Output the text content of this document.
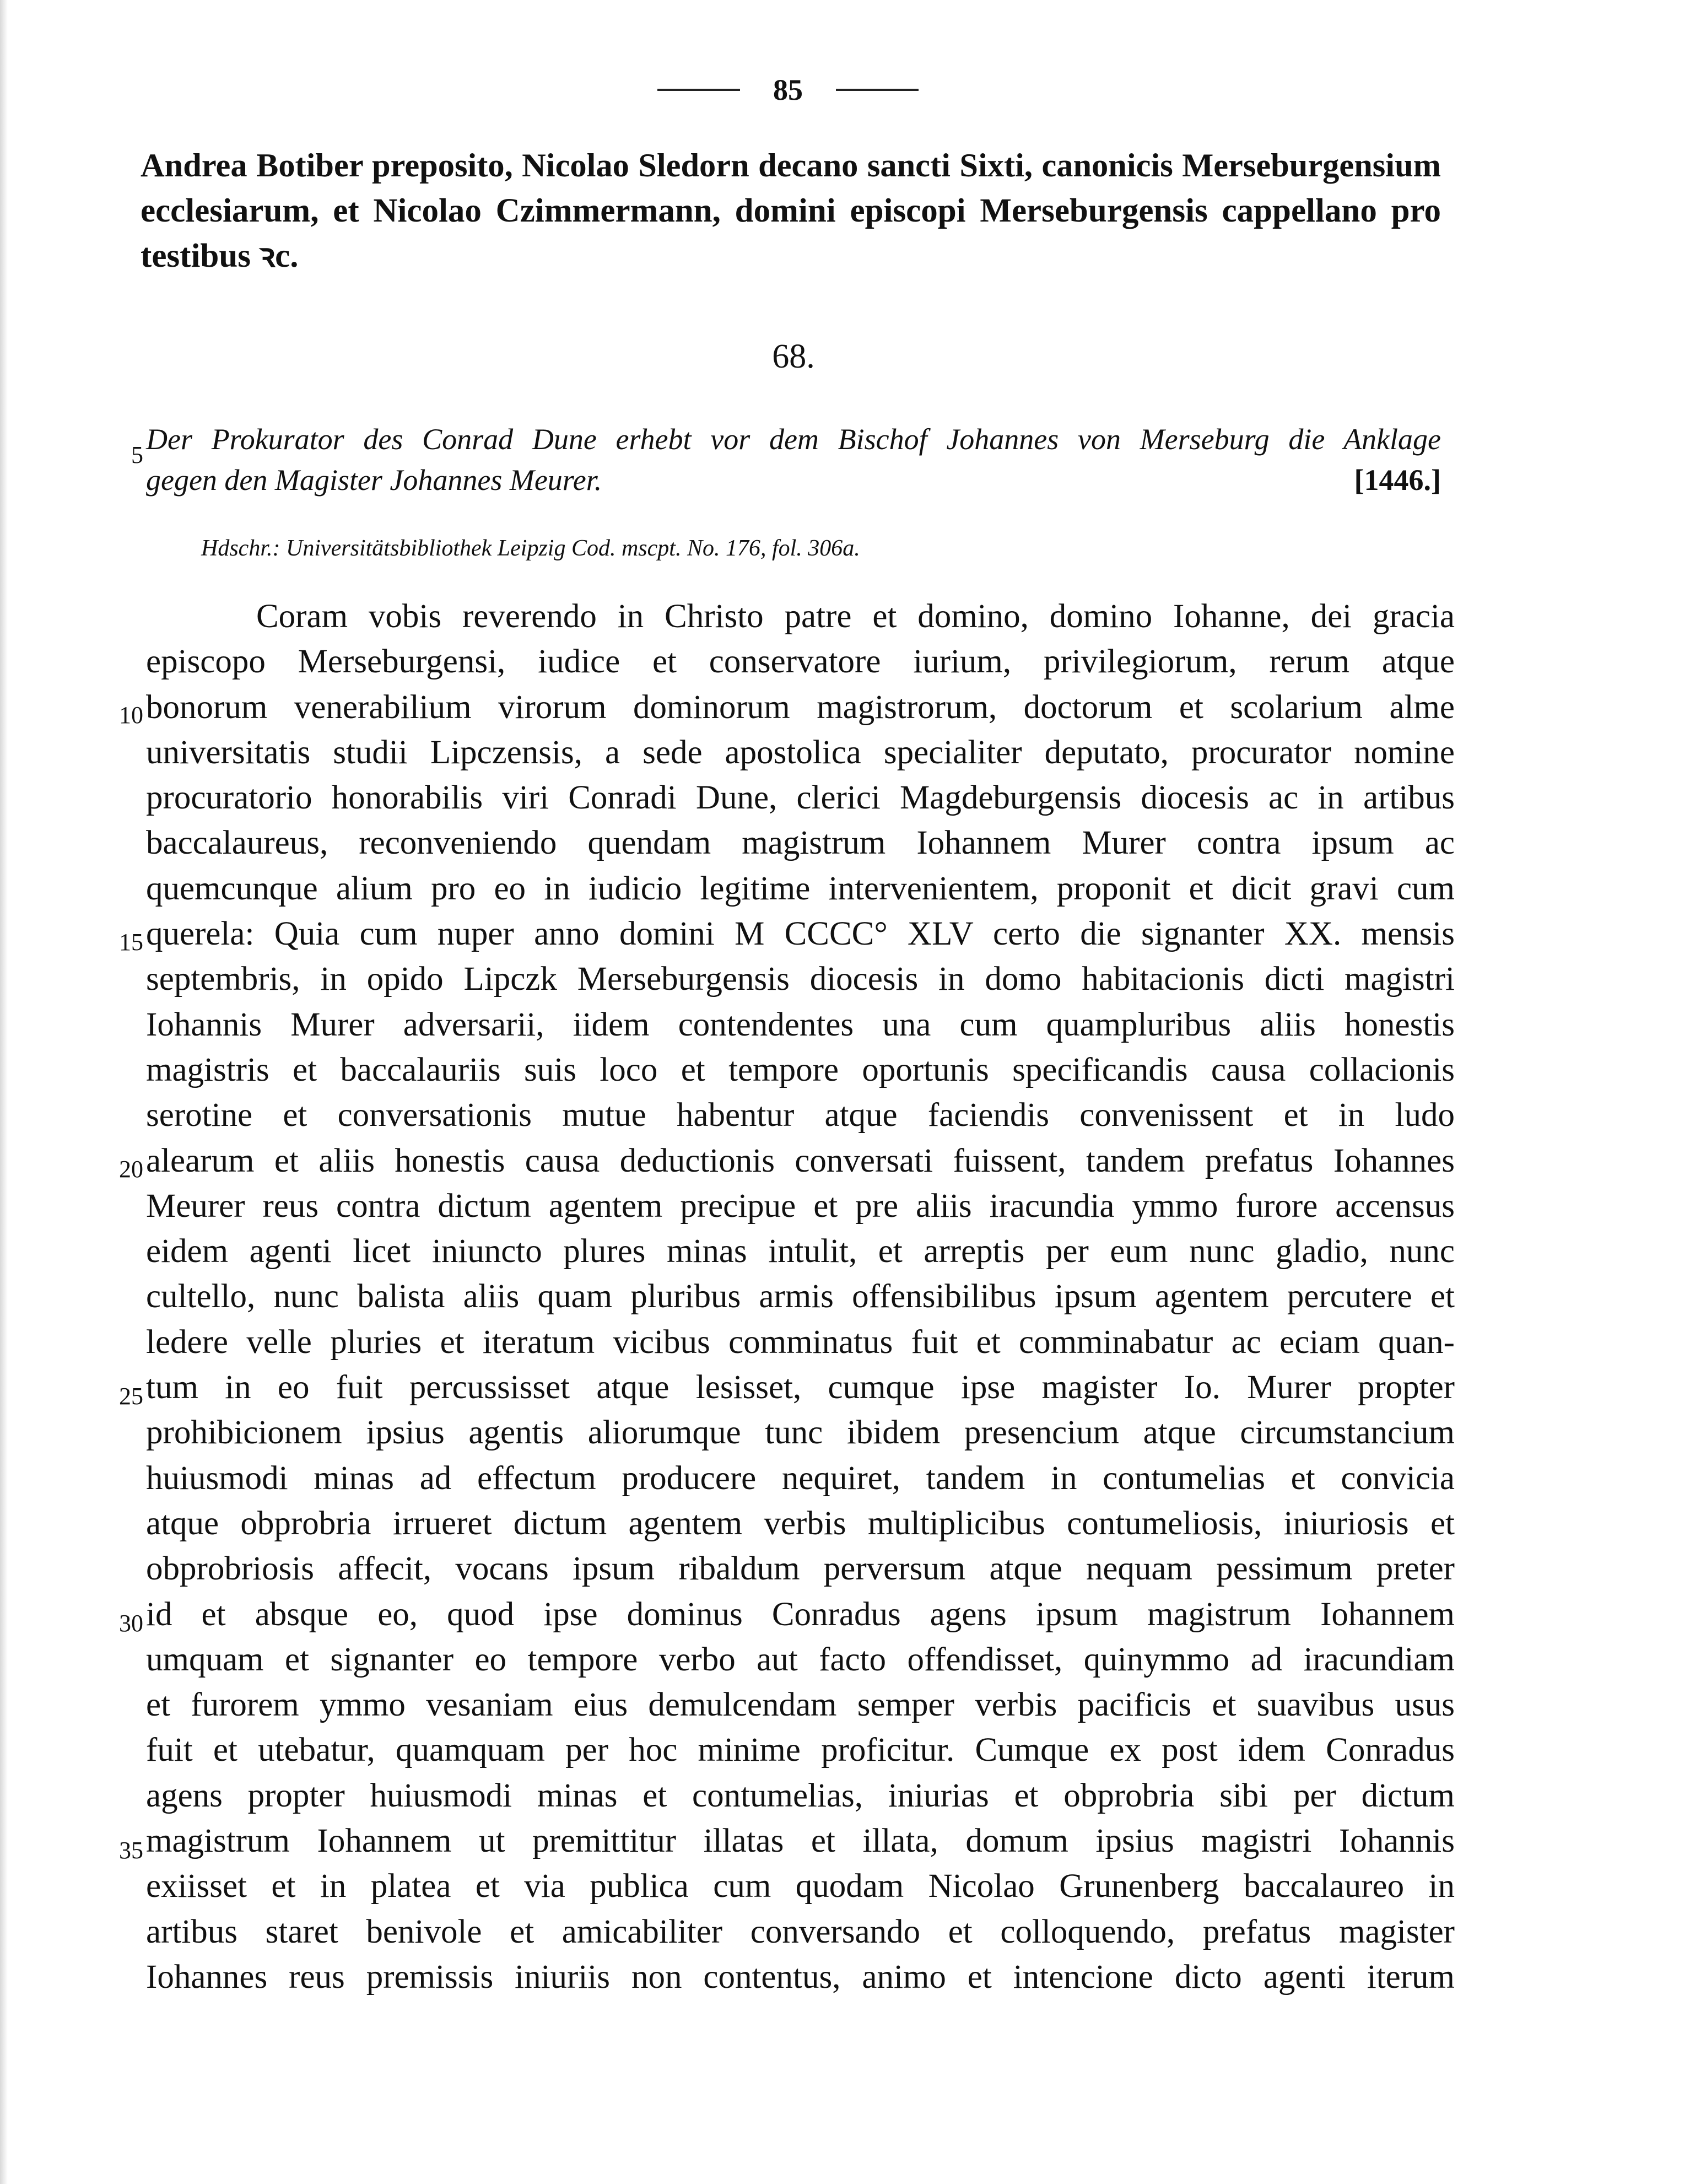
85
Andrea Botiber preposito, Nicolao Sledorn decano sancti Sixti, canonicis Merseburgensium
ecclesiarum, et Nicolao Czimmermann, domini episcopi Merseburgensis cappellano pro
testibus ꝛc.
68.
5 Der Prokurator des Conrad Dune erhebt vor dem Bischof Johannes von Merseburg die Anklage
gegen den Magister Johannes Meurer.	[1446.]
Hdschr.: Universitätsbibliothek Leipzig Cod. mscpt. No. 176, fol. 306a.
10
15
20
25
30
35
Coram vobis reverendo in Christo patre et domino, domino Iohanne, dei gracia
episcopo Merseburgensi, iudice et conservatore iurium, privilegiorum, rerum atque
bonorum venerabilium virorum dominorum magistrorum, doctorum et scolarium alme
universitatis studii Lipczensis, a sede apostolica specialiter deputato, procurator nomine
procuratorio honorabilis viri Conradi Dune, clerici Magdeburgensis diocesis ac in artibus
baccalaureus, reconveniendo quendam magistrum Iohannem Murer contra ipsum ac
quemcunque alium pro eo in iudicio legitime intervenientem, proponit et dicit gravi cum
querela: Quia cum nuper anno domini M CCCC° XLV certo die signanter XX. mensis
septembris, in opido Lipczk Merseburgensis diocesis in domo habitacionis dicti magistri
Iohannis Murer adversarii, iidem contendentes una cum quampluribus aliis honestis
magistris et baccalauriis suis loco et tempore oportunis specificandis causa collacionis
serotine et conversationis mutue habentur atque faciendis convenissent et in ludo
alearum et aliis honestis causa deductionis conversati fuissent, tandem prefatus Iohannes
Meurer reus contra dictum agentem precipue et pre aliis iracundia ymmo furore accensus
eidem agenti licet iniuncto plures minas intulit, et arreptis per eum nunc gladio, nunc
cultello, nunc balista aliis quam pluribus armis offensibilibus ipsum agentem percutere et
ledere velle pluries et iteratum vicibus comminatus fuit et comminabatur ac eciam quan-
tum in eo fuit percussisset atque lesisset, cumque ipse magister Io. Murer propter
prohibicionem ipsius agentis aliorumque tunc ibidem presencium atque circumstancium
huiusmodi minas ad effectum producere nequiret, tandem in contumelias et convicia
atque obprobria irrueret dictum agentem verbis multiplicibus contumeliosis, iniuriosis et
obprobriosis affecit, vocans ipsum ribaldum perversum atque nequam pessimum preter
id et absque eo, quod ipse dominus Conradus agens ipsum magistrum Iohannem
umquam et signanter eo tempore verbo aut facto offendisset, quinymmo ad iracundiam
et furorem ymmo vesaniam eius demulcendam semper verbis pacificis et suavibus usus
fuit et utebatur, quamquam per hoc minime proficitur. Cumque ex post idem Conradus
agens propter huiusmodi minas et contumelias, iniurias et obprobria sibi per dictum
magistrum Iohannem ut premittitur illatas et illata, domum ipsius magistri Iohannis
exiisset et in platea et via publica cum quodam Nicolao Grunenberg baccalaureo in
artibus staret benivole et amicabiliter conversando et colloquendo, prefatus magister
Iohannes reus premissis iniuriis non contentus, animo et intencione dicto agenti iterum
